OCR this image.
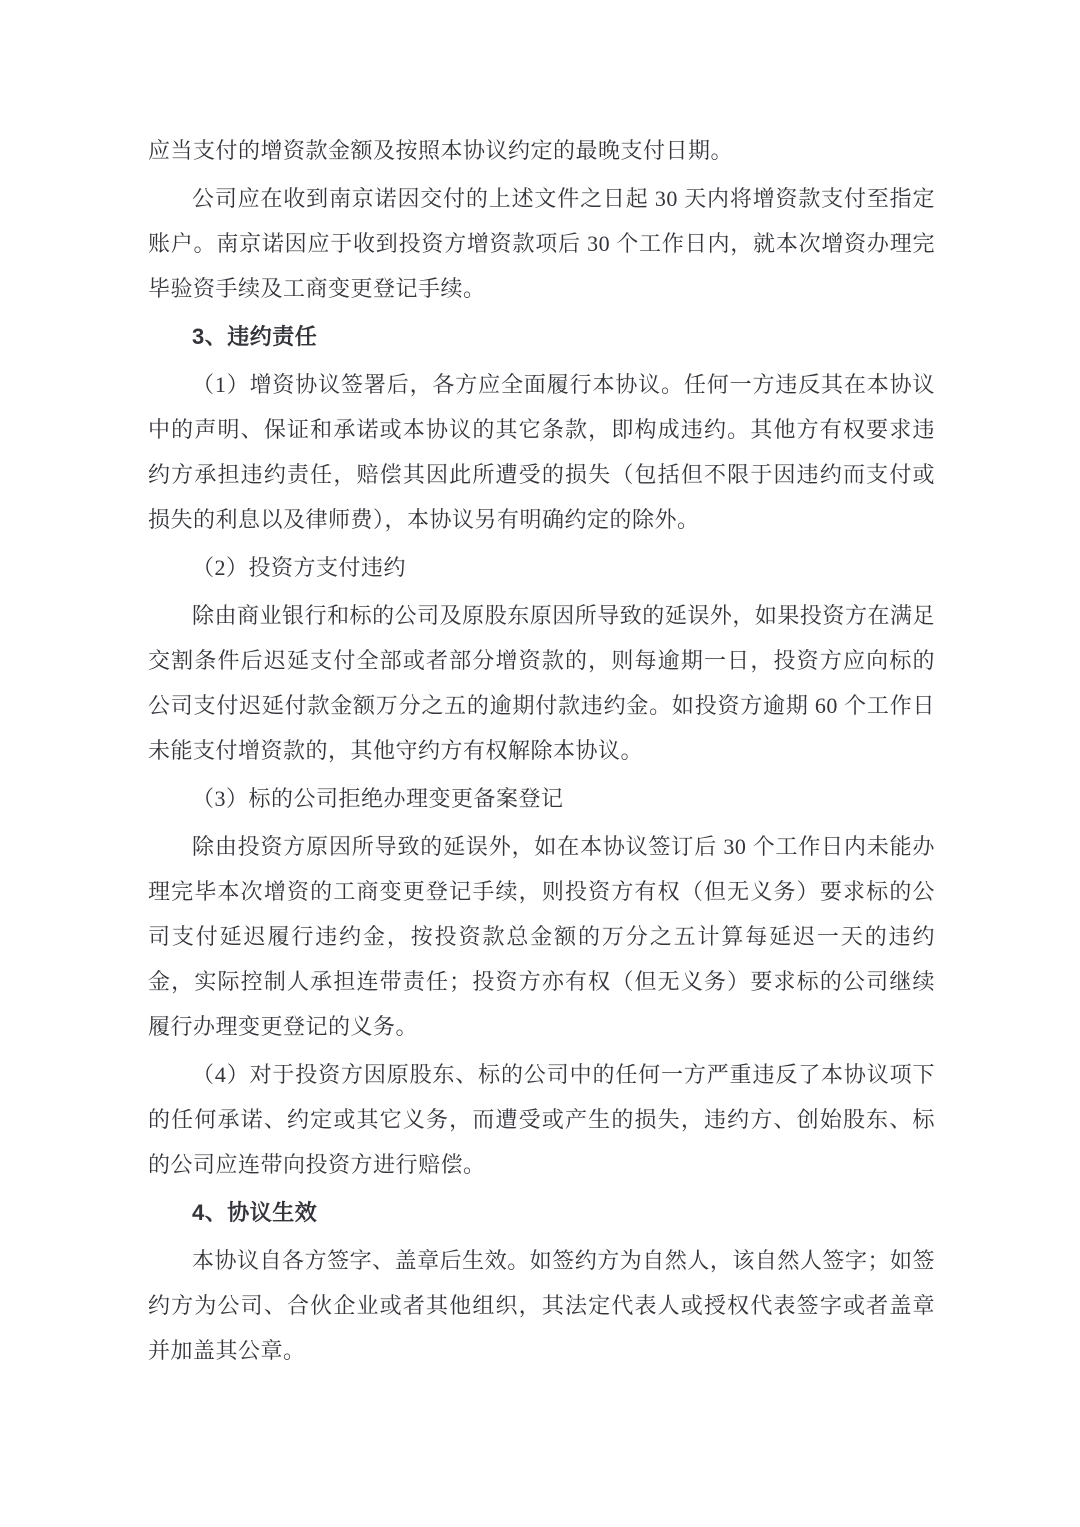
应当支付的增资款金额及按照本协议约定的最晚支付日期。

公司应在收到南京诺因交付的上述文件之日起 30 天内将增资款支付至指定账户。南京诺因应于收到投资方增资款项后 30 个工作日内，就本次增资办理完毕验资手续及工商变更登记手续。

3、违约责任

（1）增资协议签署后，各方应全面履行本协议。任何一方违反其在本协议中的声明、保证和承诺或本协议的其它条款，即构成违约。其他方有权要求违约方承担违约责任，赔偿其因此所遭受的损失（包括但不限于因违约而支付或损失的利息以及律师费），本协议另有明确约定的除外。

（2）投资方支付违约

除由商业银行和标的公司及原股东原因所导致的延误外，如果投资方在满足交割条件后迟延支付全部或者部分增资款的，则每逾期一日，投资方应向标的公司支付迟延付款金额万分之五的逾期付款违约金。如投资方逾期 60 个工作日未能支付增资款的，其他守约方有权解除本协议。

（3）标的公司拒绝办理变更备案登记

除由投资方原因所导致的延误外，如在本协议签订后 30 个工作日内未能办理完毕本次增资的工商变更登记手续，则投资方有权（但无义务）要求标的公司支付延迟履行违约金，按投资款总金额的万分之五计算每延迟一天的违约金，实际控制人承担连带责任；投资方亦有权（但无义务）要求标的公司继续履行办理变更登记的义务。

（4）对于投资方因原股东、标的公司中的任何一方严重违反了本协议项下的任何承诺、约定或其它义务，而遭受或产生的损失，违约方、创始股东、标的公司应连带向投资方进行赔偿。

4、协议生效

本协议自各方签字、盖章后生效。如签约方为自然人，该自然人签字；如签约方为公司、合伙企业或者其他组织，其法定代表人或授权代表签字或者盖章并加盖其公章。
